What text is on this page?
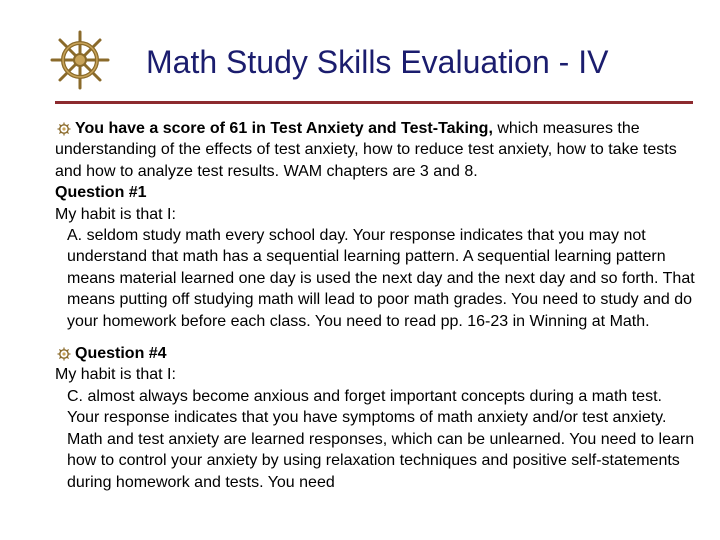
Math Study Skills Evaluation - IV

You have a score of 61 in Test Anxiety and Test-Taking, which measures the understanding of the effects of test anxiety, how to reduce test anxiety, how to take tests and how to analyze test results. WAM chapters are 3 and 8.

Question #1

My habit is that I:

A. seldom study math every school day. Your response indicates that you may not understand that math has a sequential learning pattern. A sequential learning pattern means material learned one day is used the next day and the next day and so forth. That means putting off studying math will lead to poor math grades. You need to study and do your homework before each class. You need to read pp. 16-23 in Winning at Math.

Question #4

My habit is that I:

C. almost always become anxious and forget important concepts during a math test. Your response indicates that you have symptoms of math anxiety and/or test anxiety. Math and test anxiety are learned responses, which can be unlearned. You need to learn how to control your anxiety by using relaxation techniques and positive self-statements during homework and tests. You need
